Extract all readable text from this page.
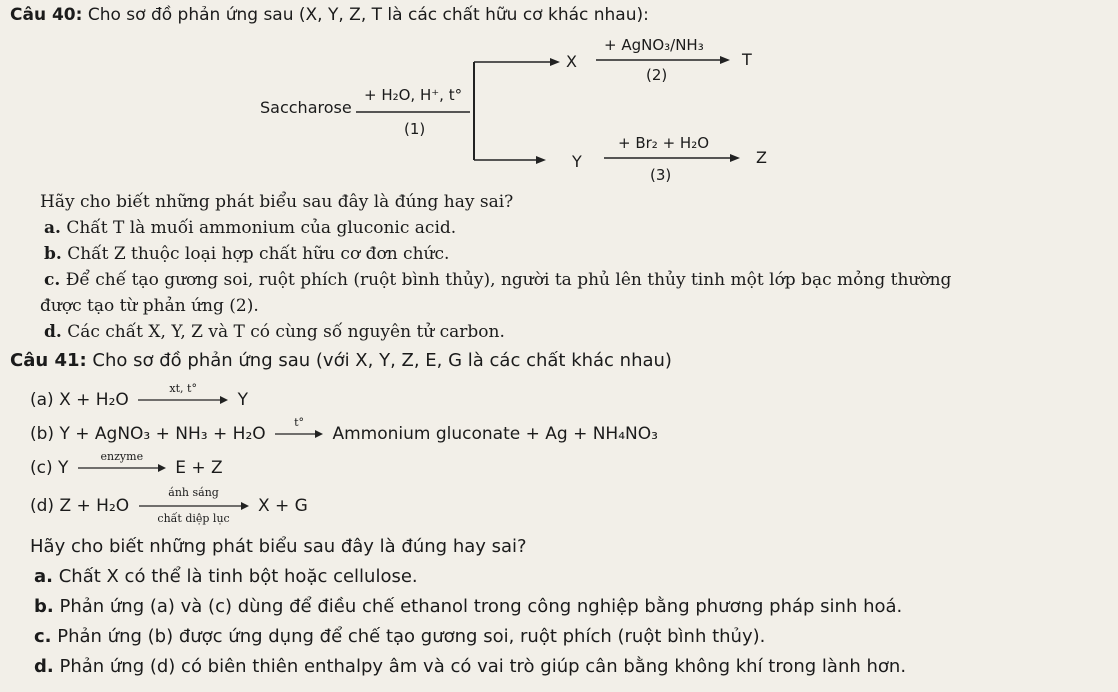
Câu 40: Cho sơ đồ phản ứng sau (X, Y, Z, T là các chất hữu cơ khác nhau):
Saccharose
+ H₂O, H⁺, t°
(1)
X
+ AgNO₃/NH₃
(2)
T
Y
+ Br₂ + H₂O
(3)
Z
Hãy cho biết những phát biểu sau đây là đúng hay sai?
a. Chất T là muối ammonium của gluconic acid.
b. Chất Z thuộc loại hợp chất hữu cơ đơn chức.
c. Để chế tạo gương soi, ruột phích (ruột bình thủy), người ta phủ lên thủy tinh một lớp bạc mỏng thường
được tạo từ phản ứng (2).
d. Các chất X, Y, Z và T có cùng số nguyên tử carbon.
Câu 41: Cho sơ đồ phản ứng sau (với X, Y, Z, E, G là các chất khác nhau)
(a) X + H₂O
xt, t°
Y
(b) Y + AgNO₃ + NH₃ + H₂O
t°
Ammonium gluconate + Ag + NH₄NO₃
(c) Y
enzyme
E + Z
(d) Z + H₂O
ánh sáng
chất diệp lục
X + G
Hãy cho biết những phát biểu sau đây là đúng hay sai?
a. Chất X có thể là tinh bột hoặc cellulose.
b. Phản ứng (a) và (c) dùng để điều chế ethanol trong công nghiệp bằng phương pháp sinh hoá.
c. Phản ứng (b) được ứng dụng để chế tạo gương soi, ruột phích (ruột bình thủy).
d. Phản ứng (d) có biên thiên enthalpy âm và có vai trò giúp cân bằng không khí trong lành hơn.
